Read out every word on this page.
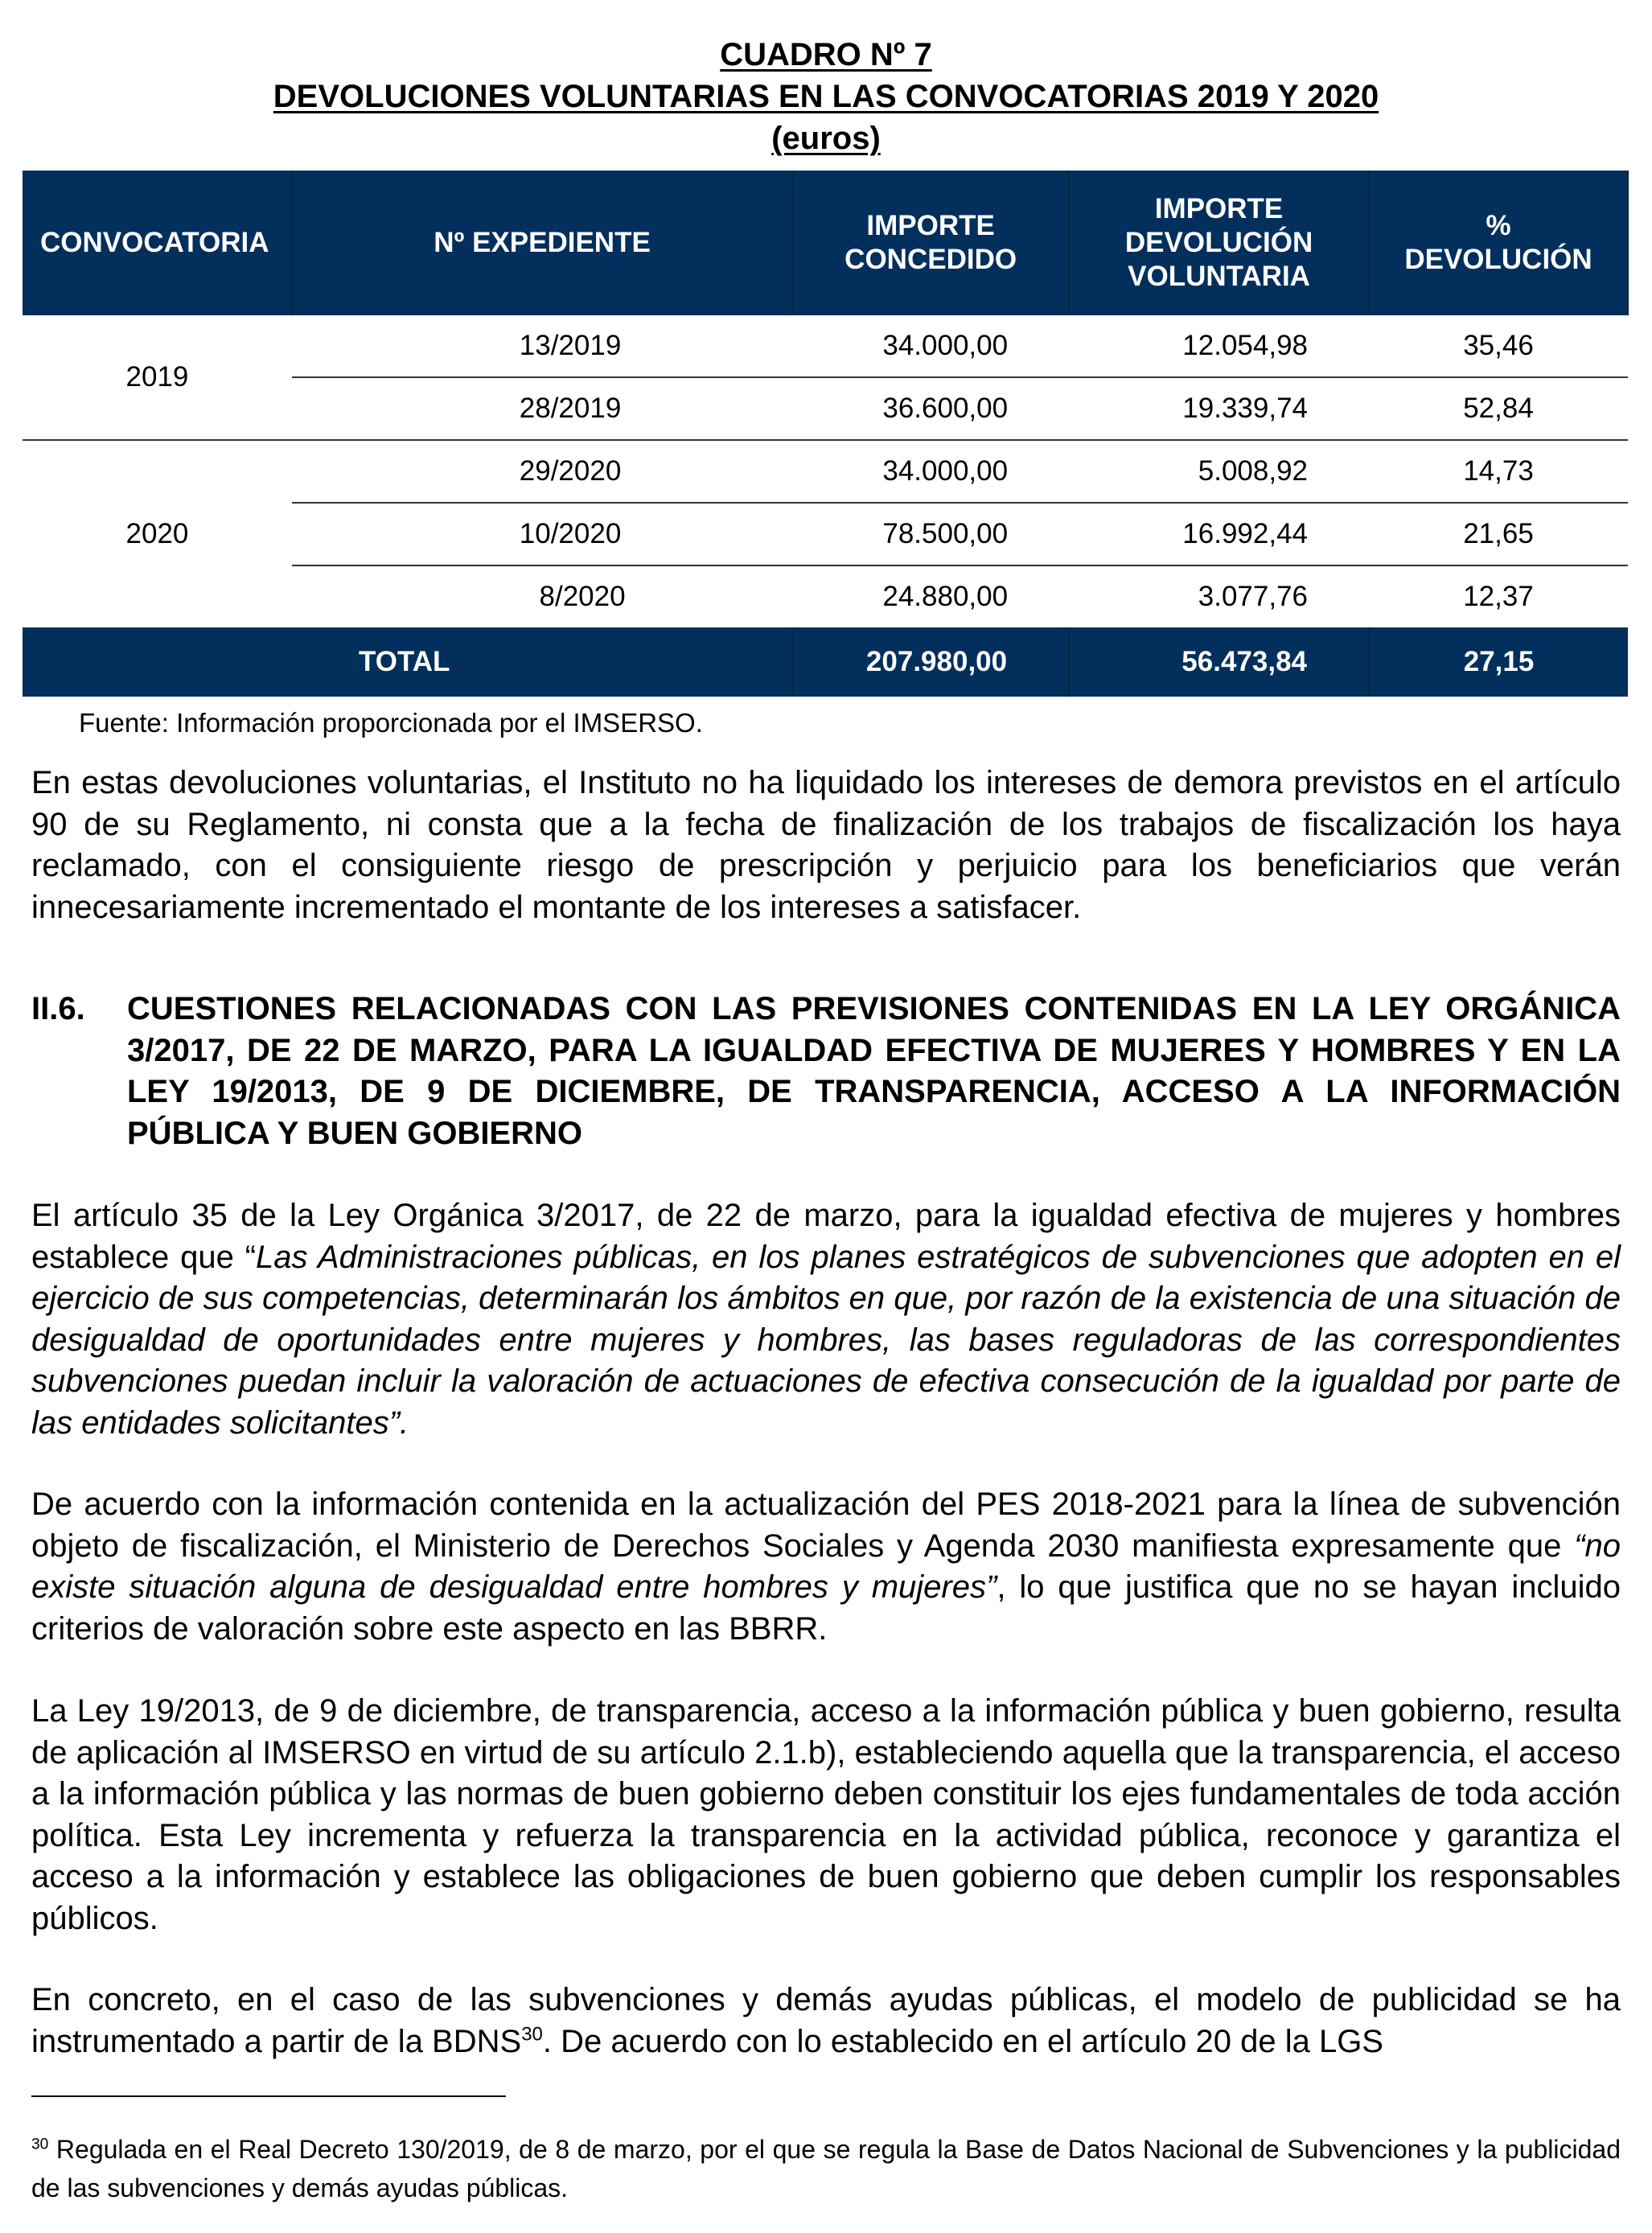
CUADRO Nº 7
DEVOLUCIONES VOLUNTARIAS EN LAS CONVOCATORIAS 2019 Y 2020
(euros)
CONVOCATORIA	Nº EXPEDIENTE	IMPORTE CONCEDIDO	IMPORTE DEVOLUCIÓN VOLUNTARIA	% DEVOLUCIÓN
2019	13/2019	34.000,00	12.054,98	35,46
	28/2019	36.600,00	19.339,74	52,84
2020	29/2020	34.000,00	5.008,92	14,73
	10/2020	78.500,00	16.992,44	21,65
	8/2020	24.880,00	3.077,76	12,37
TOTAL		207.980,00	56.473,84	27,15
Fuente: Información proporcionada por el IMSERSO.

En estas devoluciones voluntarias, el Instituto no ha liquidado los intereses de demora previstos en el artículo 90 de su Reglamento, ni consta que a la fecha de finalización de los trabajos de fiscalización los haya reclamado, con el consiguiente riesgo de prescripción y perjuicio para los beneficiarios que verán innecesariamente incrementado el montante de los intereses a satisfacer.

II.6. CUESTIONES RELACIONADAS CON LAS PREVISIONES CONTENIDAS EN LA LEY ORGÁNICA 3/2017, DE 22 DE MARZO, PARA LA IGUALDAD EFECTIVA DE MUJERES Y HOMBRES Y EN LA LEY 19/2013, DE 9 DE DICIEMBRE, DE TRANSPARENCIA, ACCESO A LA INFORMACIÓN PÚBLICA Y BUEN GOBIERNO

El artículo 35 de la Ley Orgánica 3/2017, de 22 de marzo, para la igualdad efectiva de mujeres y hombres establece que “Las Administraciones públicas, en los planes estratégicos de subvenciones que adopten en el ejercicio de sus competencias, determinarán los ámbitos en que, por razón de la existencia de una situación de desigualdad de oportunidades entre mujeres y hombres, las bases reguladoras de las correspondientes subvenciones puedan incluir la valoración de actuaciones de efectiva consecución de la igualdad por parte de las entidades solicitantes”.

De acuerdo con la información contenida en la actualización del PES 2018-2021 para la línea de subvención objeto de fiscalización, el Ministerio de Derechos Sociales y Agenda 2030 manifiesta expresamente que “no existe situación alguna de desigualdad entre hombres y mujeres”, lo que justifica que no se hayan incluido criterios de valoración sobre este aspecto en las BBRR.

La Ley 19/2013, de 9 de diciembre, de transparencia, acceso a la información pública y buen gobierno, resulta de aplicación al IMSERSO en virtud de su artículo 2.1.b), estableciendo aquella que la transparencia, el acceso a la información pública y las normas de buen gobierno deben constituir los ejes fundamentales de toda acción política. Esta Ley incrementa y refuerza la transparencia en la actividad pública, reconoce y garantiza el acceso a la información y establece las obligaciones de buen gobierno que deben cumplir los responsables públicos.

En concreto, en el caso de las subvenciones y demás ayudas públicas, el modelo de publicidad se ha instrumentado a partir de la BDNS$^{30}$. De acuerdo con lo establecido en el artículo 20 de la LGS

$^{30}$ Regulada en el Real Decreto 130/2019, de 8 de marzo, por el que se regula la Base de Datos Nacional de Subvenciones y la publicidad de las subvenciones y demás ayudas públicas.
